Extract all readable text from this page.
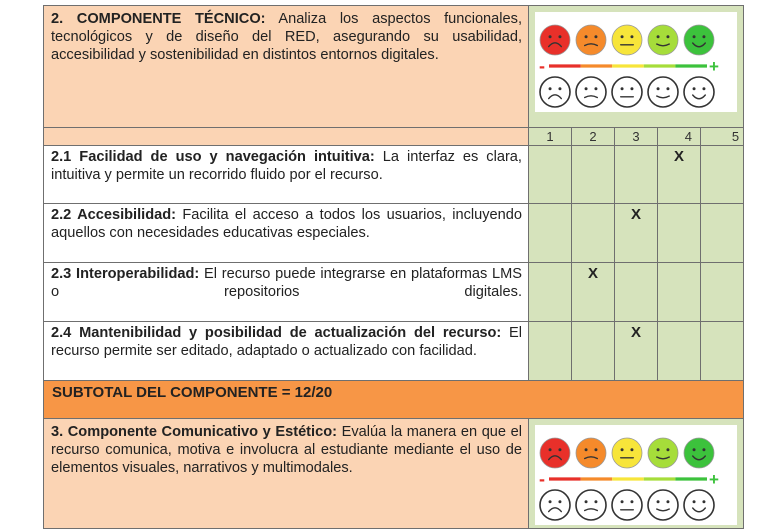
2. COMPONENTE TÉCNICO: Analiza los aspectos funcionales, tecnológicos y de diseño del RED, asegurando su usabilidad, accesibilidad y sostenibilidad en distintos entornos digitales.	- +				

	1	2	3	4	5

2.1 Facilidad de uso y navegación intuitiva: La interfaz es clara, intuitiva y permite un recorrido fluido por el recurso.				X	

2.2 Accesibilidad: Facilita el acceso a todos los usuarios, incluyendo aquellos con necesidades educativas especiales.			X		

2.3 Interoperabilidad: El recurso puede integrarse en plataformas LMS o repositorios digitales.		X			

2.4 Mantenibilidad y posibilidad de actualización del recurso: El recurso permite ser editado, adaptado o actualizado con facilidad.			X		

SUBTOTAL DEL COMPONENTE = 12/20					

3. Componente Comunicativo y Estético: Evalúa la manera en que el recurso comunica, motiva e involucra al estudiante mediante el uso de elementos visuales, narrativos y multimodales.	- +				
